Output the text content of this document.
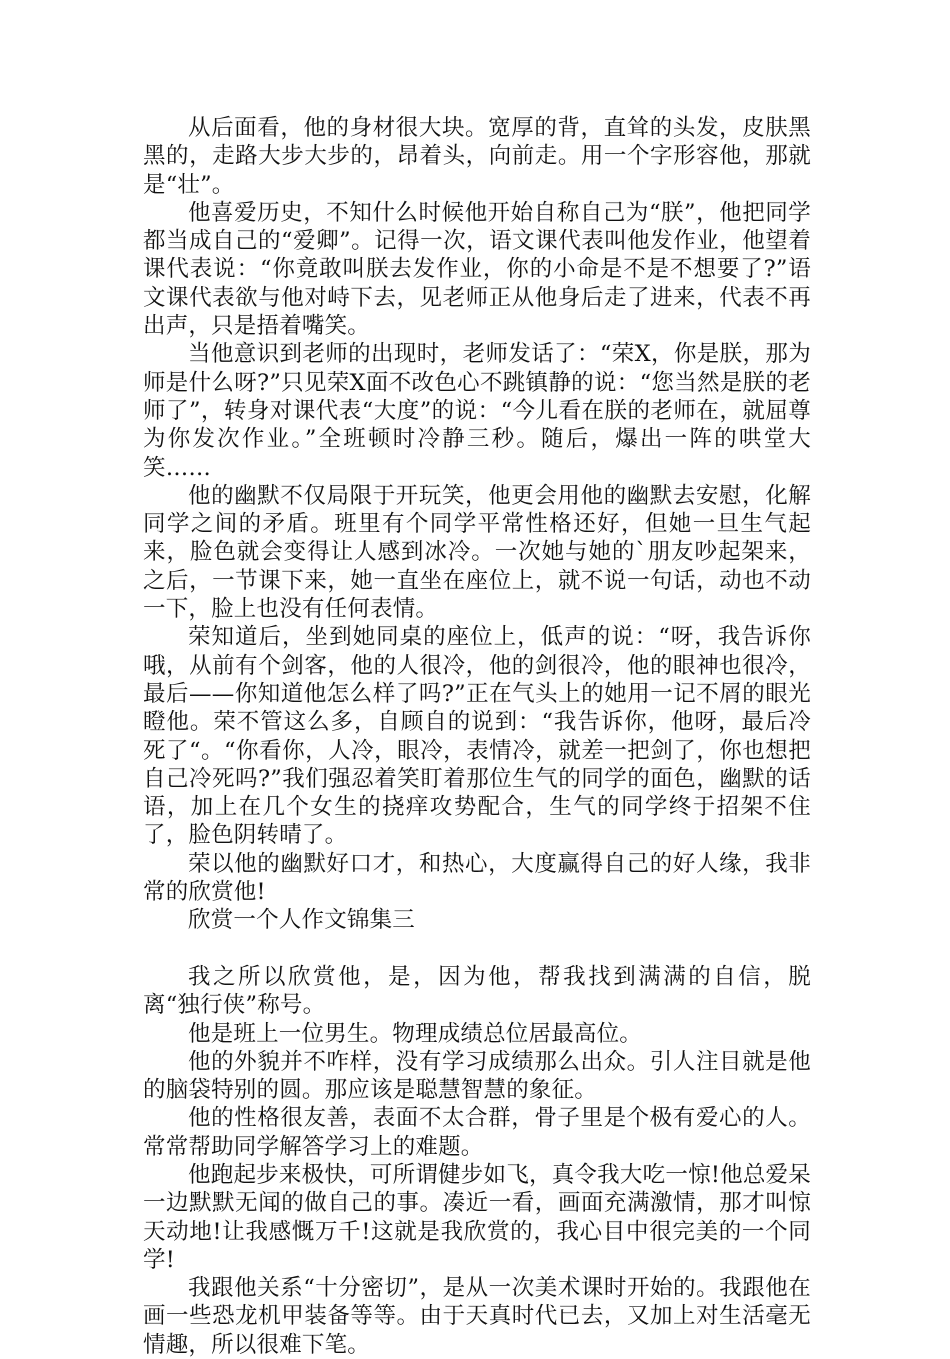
从后面看，他的身材很大块。宽厚的背，直耸的头发，皮肤黑黑的，走路大步大步的，昂着头，向前走。用一个字形容他，那就是“壮”。

他喜爱历史，不知什么时候他开始自称自己为“朕”，他把同学都当成自己的“爱卿”。记得一次，语文课代表叫他发作业，他望着课代表说：“你竟敢叫朕去发作业，你的小命是不是不想要了?”语文课代表欲与他对峙下去，见老师正从他身后走了进来，代表不再出声，只是捂着嘴笑。

当他意识到老师的出现时，老师发话了：“荣X，你是朕，那为师是什么呀?”只见荣X面不改色心不跳镇静的说：“您当然是朕的老师了”，转身对课代表“大度”的说：“今儿看在朕的老师在，就屈尊为你发次作业。”全班顿时冷静三秒。随后，爆出一阵的哄堂大笑……

他的幽默不仅局限于开玩笑，他更会用他的幽默去安慰，化解同学之间的矛盾。班里有个同学平常性格还好，但她一旦生气起来，脸色就会变得让人感到冰冷。一次她与她的`朋友吵起架来，之后，一节课下来，她一直坐在座位上，就不说一句话，动也不动一下，脸上也没有任何表情。

荣知道后，坐到她同桌的座位上，低声的说：“呀，我告诉你哦，从前有个剑客，他的人很冷，他的剑很冷，他的眼神也很冷，最后——你知道他怎么样了吗?”正在气头上的她用一记不屑的眼光瞪他。荣不管这么多，自顾自的说到：“我告诉你，他呀，最后冷死了“。“你看你，人冷，眼冷，表情冷，就差一把剑了，你也想把自己冷死吗?”我们强忍着笑盯着那位生气的同学的面色，幽默的话语，加上在几个女生的挠痒攻势配合，生气的同学终于招架不住了，脸色阴转晴了。

荣以他的幽默好口才，和热心，大度赢得自己的好人缘，我非常的欣赏他!

欣赏一个人作文锦集三

我之所以欣赏他，是，因为他，帮我找到满满的自信，脱离“独行侠”称号。

他是班上一位男生。物理成绩总位居最高位。

他的外貌并不咋样，没有学习成绩那么出众。引人注目就是他的脑袋特别的圆。那应该是聪慧智慧的象征。

他的性格很友善，表面不太合群，骨子里是个极有爱心的人。常常帮助同学解答学习上的难题。

他跑起步来极快，可所谓健步如飞，真令我大吃一惊!他总爱呆一边默默无闻的做自己的事。凑近一看，画面充满激情，那才叫惊天动地!让我感慨万千!这就是我欣赏的，我心目中很完美的一个同学!

我跟他关系“十分密切”，是从一次美术课时开始的。我跟他在画一些恐龙机甲装备等等。由于天真时代已去，又加上对生活毫无情趣，所以很难下笔。
